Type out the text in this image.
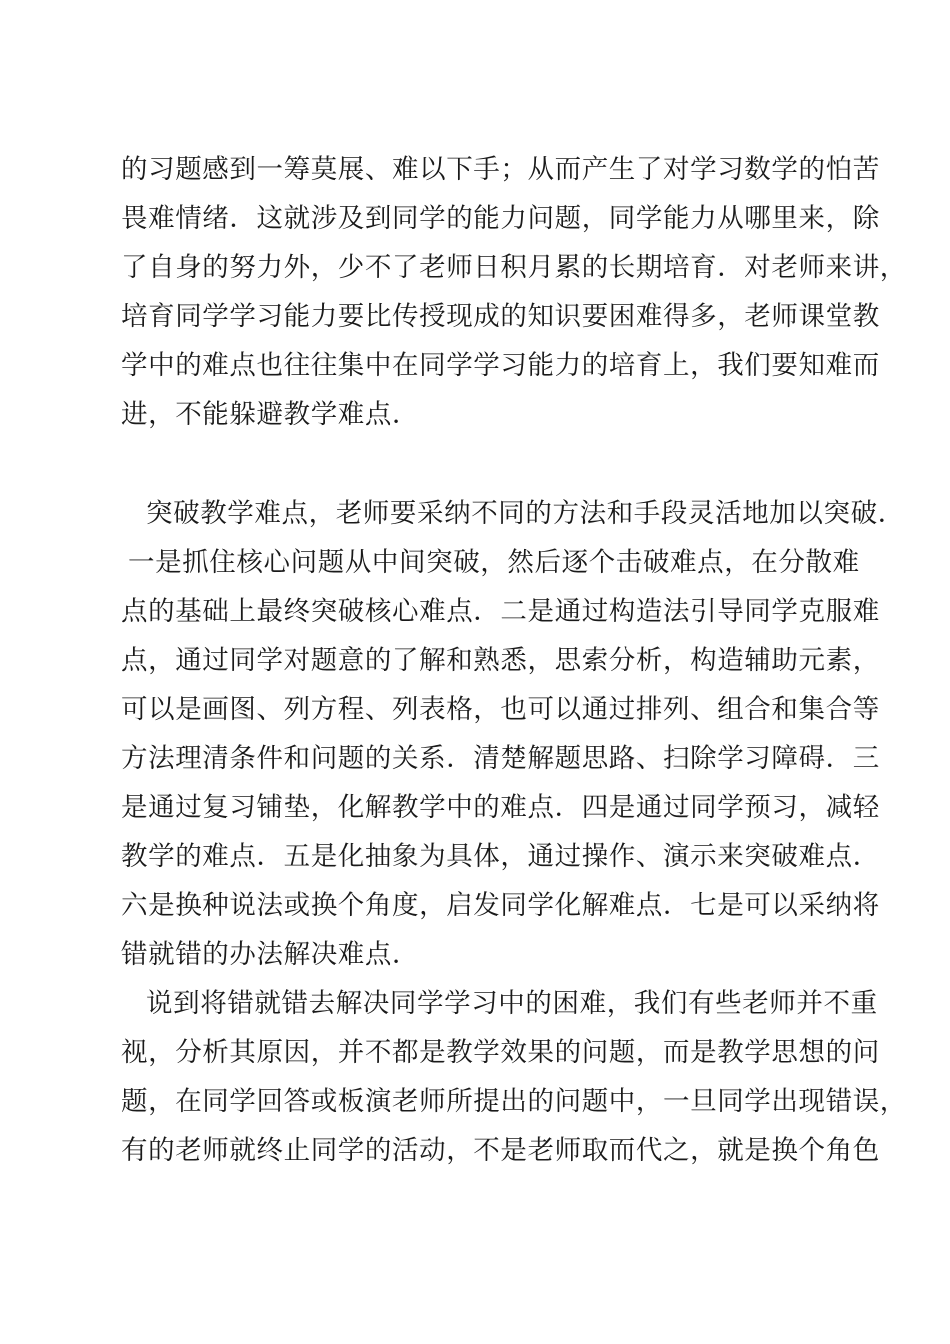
的习题感到一筹莫展、难以下手；从而产生了对学习数学的怕苦
畏难情绪．这就涉及到同学的能力问题，同学能力从哪里来，除
了自身的努力外，少不了老师日积月累的长期培育．对老师来讲，
培育同学学习能力要比传授现成的知识要困难得多，老师课堂教
学中的难点也往往集中在同学学习能力的培育上，我们要知难而
进，不能躲避教学难点．
突破教学难点，老师要采纳不同的方法和手段灵活地加以突破．
一是抓住核心问题从中间突破，然后逐个击破难点，在分散难
点的基础上最终突破核心难点．二是通过构造法引导同学克服难
点，通过同学对题意的了解和熟悉，思索分析，构造辅助元素，
可以是画图、列方程、列表格，也可以通过排列、组合和集合等
方法理清条件和问题的关系．清楚解题思路、扫除学习障碍．三
是通过复习铺垫，化解教学中的难点．四是通过同学预习，减轻
教学的难点．五是化抽象为具体，通过操作、演示来突破难点．
六是换种说法或换个角度，启发同学化解难点．七是可以采纳将
错就错的办法解决难点．
说到将错就错去解决同学学习中的困难，我们有些老师并不重
视，分析其原因，并不都是教学效果的问题，而是教学思想的问
题，在同学回答或板演老师所提出的问题中，一旦同学出现错误，
有的老师就终止同学的活动，不是老师取而代之，就是换个角色
